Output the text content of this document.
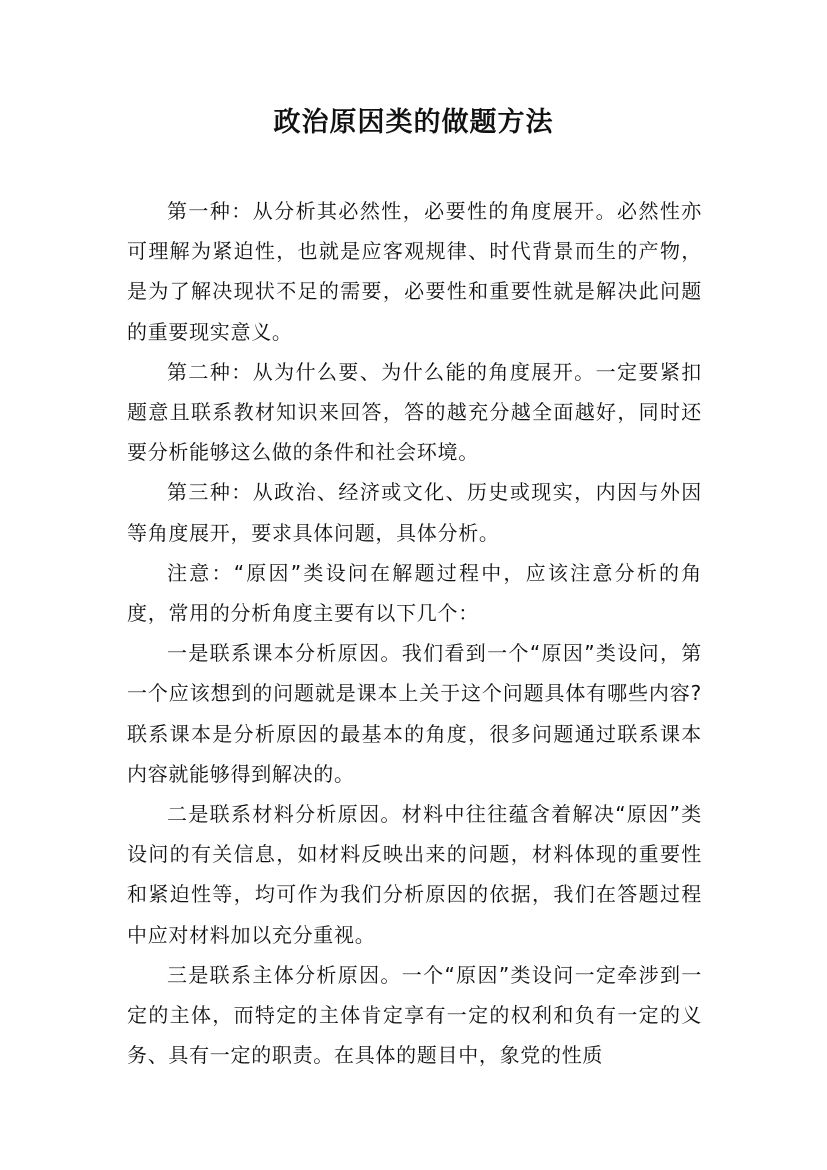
政治原因类的做题方法

第一种：从分析其必然性，必要性的角度展开。必然性亦可理解为紧迫性，也就是应客观规律、时代背景而生的产物，是为了解决现状不足的需要，必要性和重要性就是解决此问题的重要现实意义。

第二种：从为什么要、为什么能的角度展开。一定要紧扣题意且联系教材知识来回答，答的越充分越全面越好，同时还要分析能够这么做的条件和社会环境。

第三种：从政治、经济或文化、历史或现实，内因与外因等角度展开，要求具体问题，具体分析。

注意：“原因”类设问在解题过程中，应该注意分析的角度，常用的分析角度主要有以下几个：

一是联系课本分析原因。我们看到一个“原因”类设问，第一个应该想到的问题就是课本上关于这个问题具体有哪些内容?联系课本是分析原因的最基本的角度，很多问题通过联系课本内容就能够得到解决的。

二是联系材料分析原因。材料中往往蕴含着解决“原因”类设问的有关信息，如材料反映出来的问题，材料体现的重要性和紧迫性等，均可作为我们分析原因的依据，我们在答题过程中应对材料加以充分重视。

三是联系主体分析原因。一个“原因”类设问一定牵涉到一定的主体，而特定的主体肯定享有一定的权利和负有一定的义务、具有一定的职责。在具体的题目中，象党的性质
